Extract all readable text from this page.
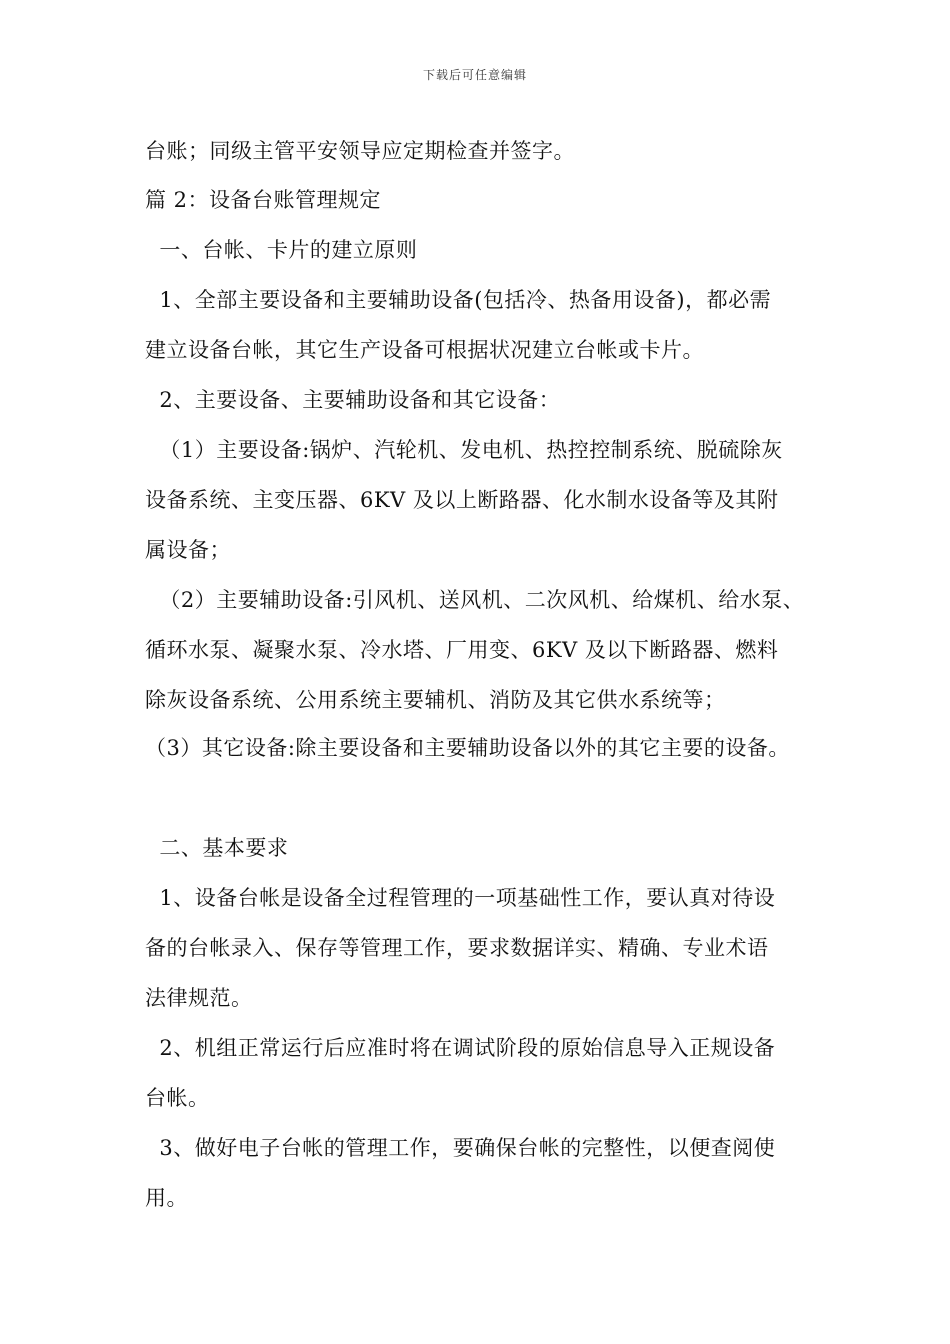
下载后可任意编辑
台账；同级主管平安领导应定期检查并签字。
篇 2：设备台账管理规定
一、台帐、卡片的建立原则
1、全部主要设备和主要辅助设备(包括冷、热备用设备)，都必需
建立设备台帐，其它生产设备可根据状况建立台帐或卡片。
2、主要设备、主要辅助设备和其它设备：
（1）主要设备:锅炉、汽轮机、发电机、热控控制系统、脱硫除灰
设备系统、主变压器、6KV 及以上断路器、化水制水设备等及其附
属设备；
（2）主要辅助设备:引风机、送风机、二次风机、给煤机、给水泵、
循环水泵、凝聚水泵、冷水塔、厂用变、6KV 及以下断路器、燃料
除灰设备系统、公用系统主要辅机、消防及其它供水系统等；
（3）其它设备:除主要设备和主要辅助设备以外的其它主要的设备。
二、基本要求
1、设备台帐是设备全过程管理的一项基础性工作，要认真对待设
备的台帐录入、保存等管理工作，要求数据详实、精确、专业术语
法律规范。
2、机组正常运行后应准时将在调试阶段的原始信息导入正规设备
台帐。
3、做好电子台帐的管理工作，要确保台帐的完整性，以便查阅使
用。
